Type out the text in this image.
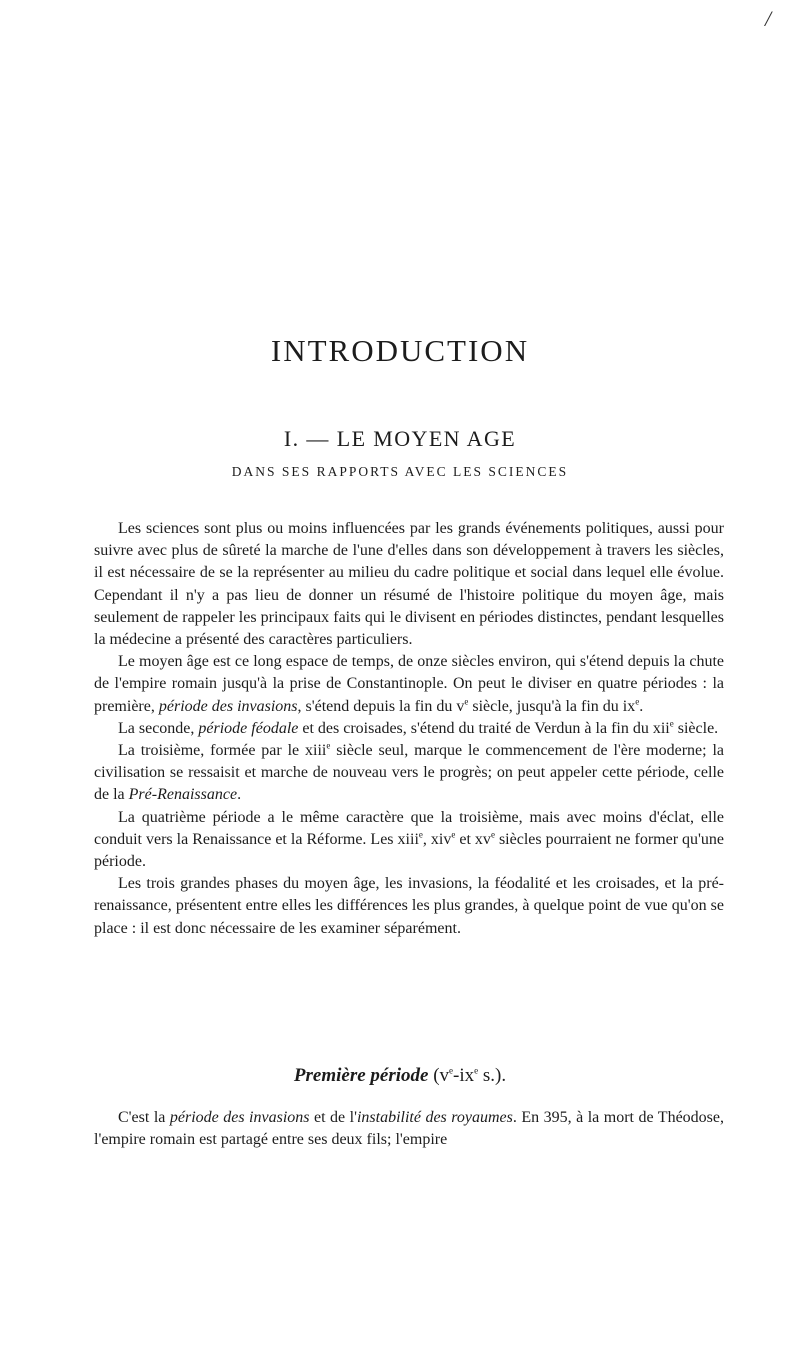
/
INTRODUCTION
I. — LE MOYEN AGE
DANS SES RAPPORTS AVEC LES SCIENCES

Les sciences sont plus ou moins influencées par les grands événements politiques, aussi pour suivre avec plus de sûreté la marche de l'une d'elles dans son développement à travers les siècles, il est nécessaire de se la représenter au milieu du cadre politique et social dans lequel elle évolue. Cependant il n'y a pas lieu de donner un résumé de l'histoire politique du moyen âge, mais seulement de rappeler les principaux faits qui le divisent en périodes distinctes, pendant lesquelles la médecine a présenté des caractères particuliers.

Le moyen âge est ce long espace de temps, de onze siècles environ, qui s'étend depuis la chute de l'empire romain jusqu'à la prise de Constantinople. On peut le diviser en quatre périodes : la première, période des invasions, s'étend depuis la fin du $v^e$ siècle, jusqu'à la fin du $ix^e$.

La seconde, période féodale et des croisades, s'étend du traité de Verdun à la fin du xii$^e$ siècle.

La troisième, formée par le xiii$^e$ siècle seul, marque le commencement de l'ère moderne; la civilisation se ressaisit et marche de nouveau vers le progrès; on peut appeler cette période, celle de la Pré-Renaissance.

La quatrième période a le même caractère que la troisième, mais avec moins d'éclat, elle conduit vers la Renaissance et la Réforme. Les xiii$^e$, xiv$^e$ et $xv^e$ siècles pourraient ne former qu'une période.

Les trois grandes phases du moyen âge, les invasions, la féodalité et les croisades, et la pré-renaissance, présentent entre elles les différences les plus grandes, à quelque point de vue qu'on se place : il est donc nécessaire de les examiner séparément.

Première période ($v^e-ix^e$ s.).

C'est la période des invasions et de l'instabilité des royaumes. En 395, à la mort de Théodose, l'empire romain est partagé entre ses deux fils; l'empire
